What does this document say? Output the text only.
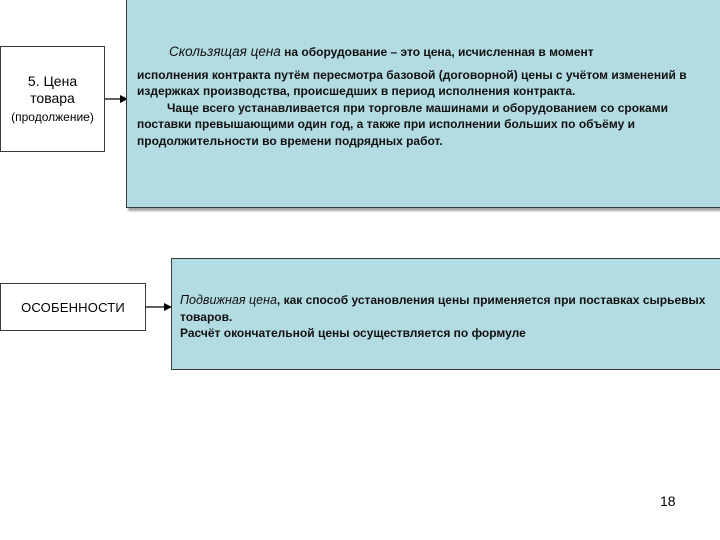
5. Цена
товара
(продолжение)

Скользящая цена на оборудование – это цена, исчисленная в момент

исполнения контракта путём пересмотра базовой (договорной) цены с учётом изменений в издержках производства, происшедших в период исполнения контракта.

Чаще всего устанавливается при торговле машинами и оборудованием со сроками поставки превышающими один год, а также при исполнении больших по объёму и продолжительности во времени подрядных работ.

ОСОБЕННОСТИ	Подвижная цена, как способ установления цены применяется при поставках сырьевых товаров.

Расчёт окончательной цены осуществляется по формуле

18
